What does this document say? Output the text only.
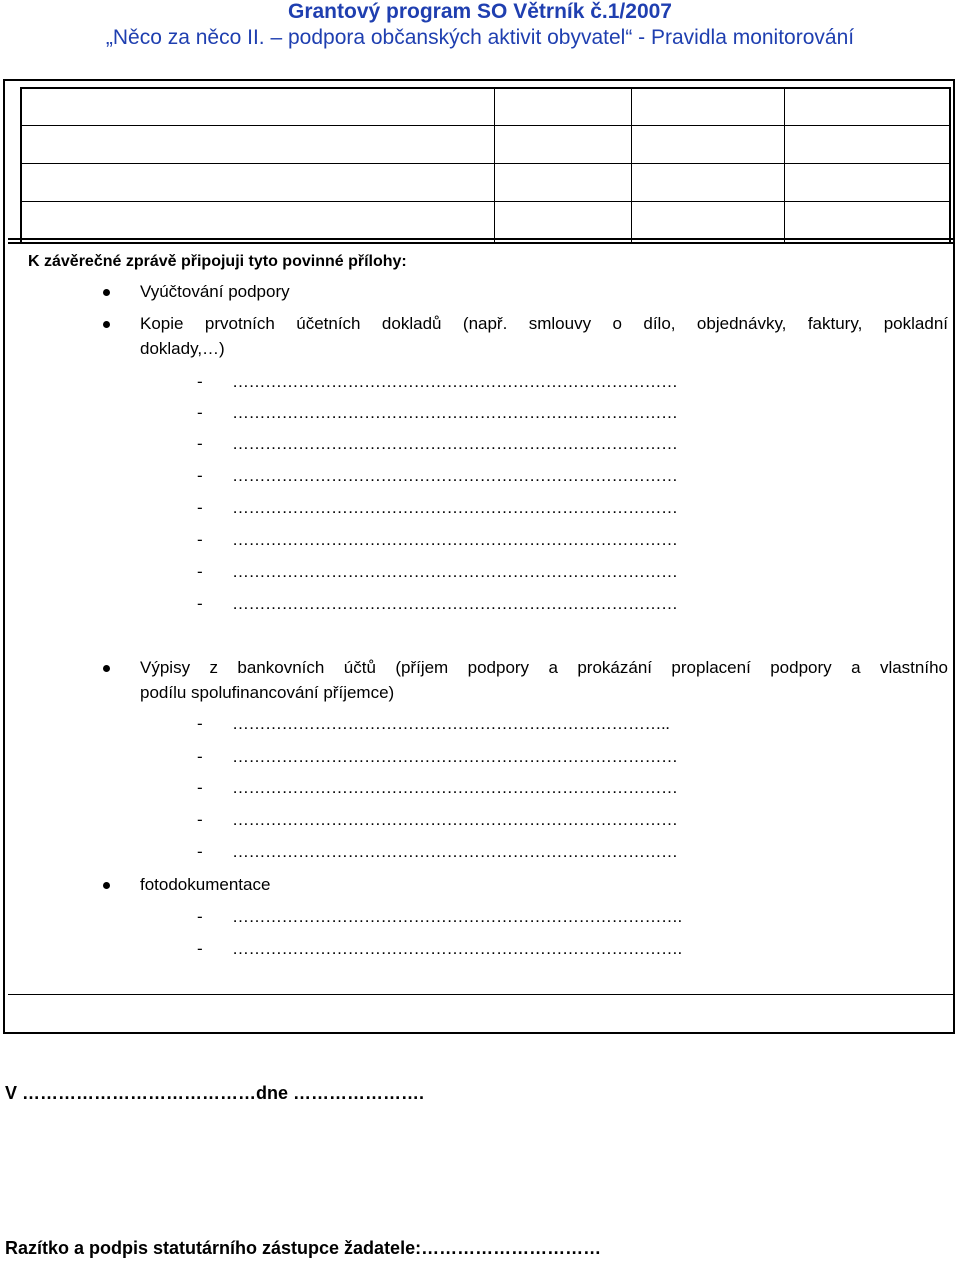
Grantový program SO Větrník č.1/2007
„Něco za něco II. – podpora občanských aktivit obyvatel“ - Pravidla monitorování
K závěrečné zprávě připojuji tyto povinné přílohy:
Vyúčtování podpory
Kopie prvotních účetních dokladů (např. smlouvy o dílo, objednávky, faktury, pokladní
doklady,…)
- ………………………………………………………………………
- ………………………………………………………………………
- ………………………………………………………………………
- ………………………………………………………………………
- ………………………………………………………………………
- ………………………………………………………………………
- ………………………………………………………………………
- ………………………………………………………………………
Výpisy z bankovních účtů (příjem podpory a prokázání proplacení podpory a vlastního
podílu spolufinancování příjemce)
- ……………………………………………………………………..
- ………………………………………………………………………
- ………………………………………………………………………
- ………………………………………………………………………
- ………………………………………………………………………
fotodokumentace
- ……………………………………………………………………….
- ……………………………………………………………………….
V …………………………………dne ………………….
Razítko a podpis statutárního zástupce žadatele:…………………………
